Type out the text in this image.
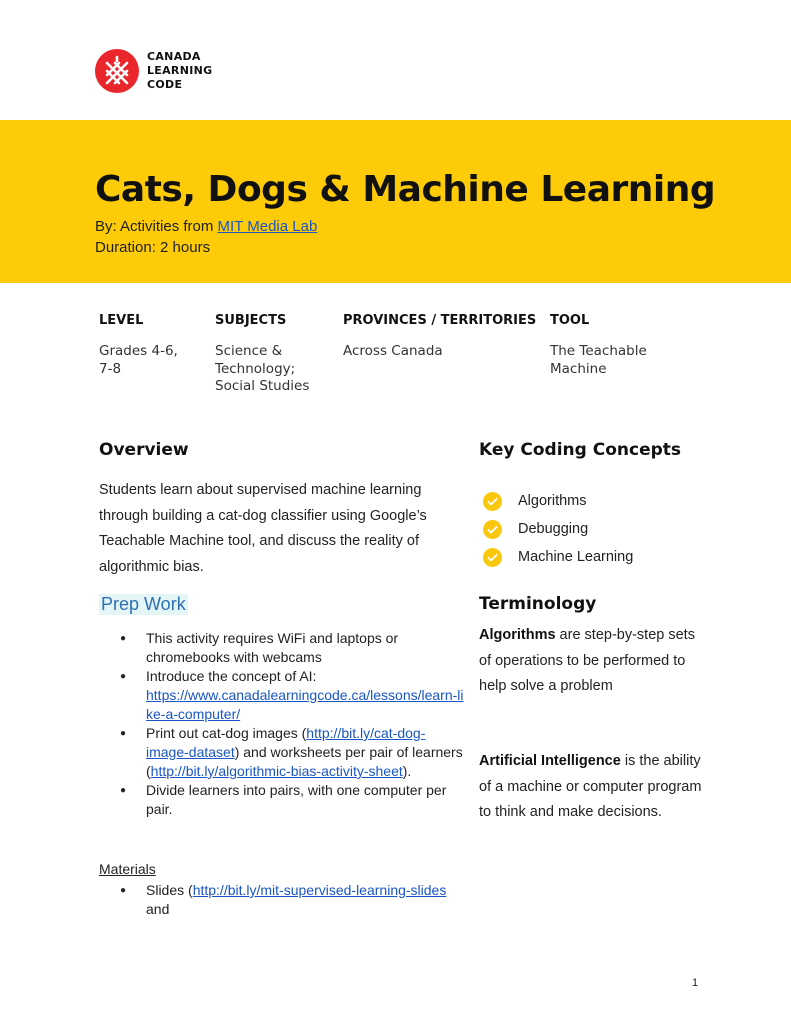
CANADA
LEARNING
CODE
Cats, Dogs & Machine Learning
By: Activities from MIT Media Lab
Duration: 2 hours
LEVEL
Grades 4-6,
7-8
SUBJECTS
Science &
Technology;
Social Studies
PROVINCES / TERRITORIES
Across Canada
TOOL
The Teachable
Machine
Overview
Students learn about supervised machine learning through building a cat-dog classifier using Google’s Teachable Machine tool, and discuss the reality of algorithmic bias.
Prep Work
● This activity requires WiFi and laptops or chromebooks with webcams
● Introduce the concept of AI:
https://www.canadalearningcode.ca/lessons/learn-like-a-computer/
● Print out cat-dog images (http://bit.ly/cat-dog-image-dataset) and worksheets per pair of learners (http://bit.ly/algorithmic-bias-activity-sheet).
● Divide learners into pairs, with one computer per pair.
Materials
● Slides (http://bit.ly/mit-supervised-learning-slides and
Key Coding Concepts
Algorithms
Debugging
Machine Learning
Terminology
Algorithms are step-by-step sets of operations to be performed to help solve a problem
Artificial Intelligence is the ability of a machine or computer program to think and make decisions.
1
